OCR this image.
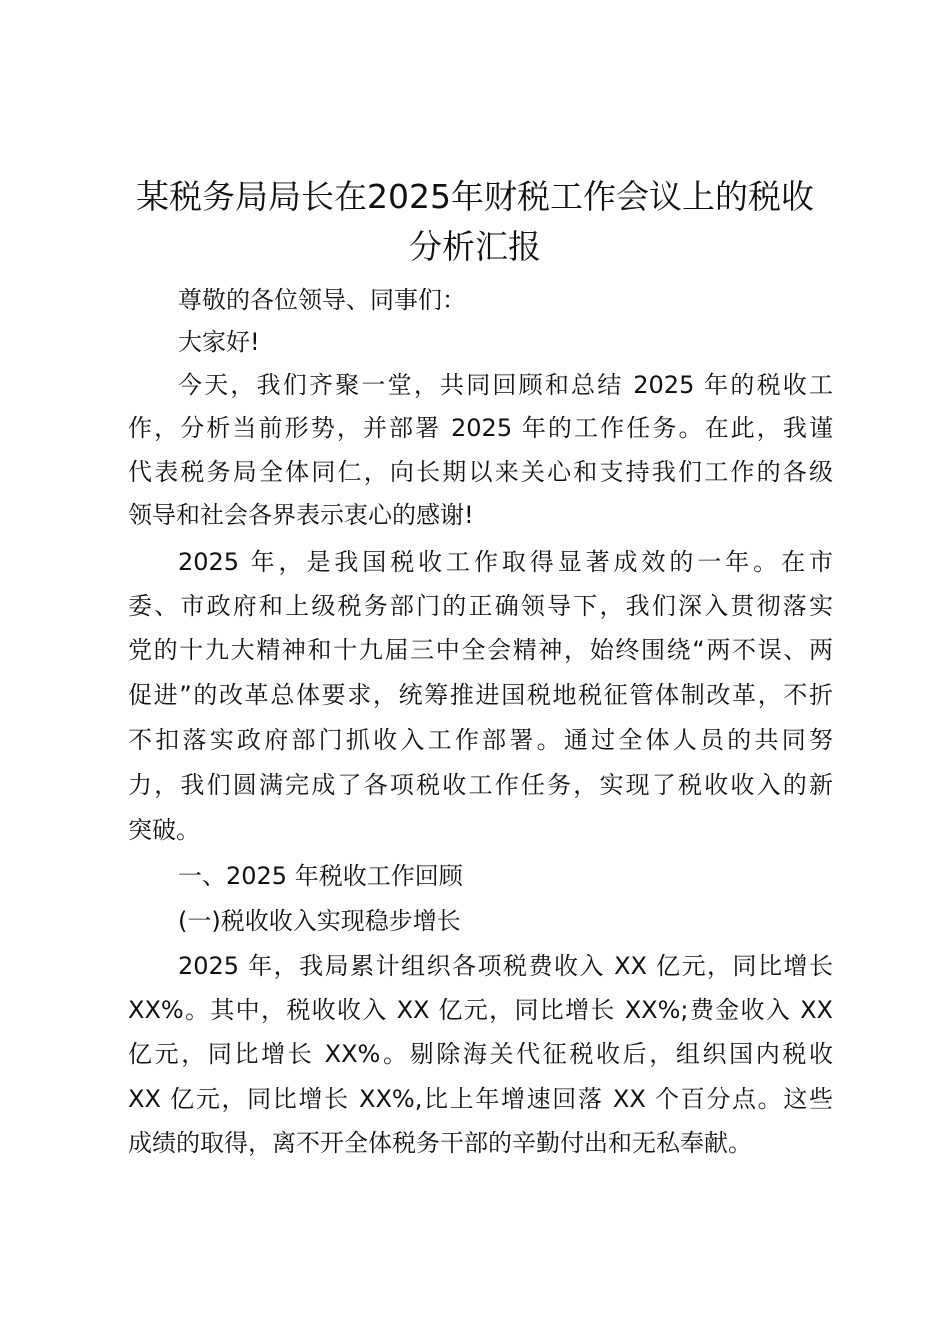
某税务局局长在2025年财税工作会议上的税收分析汇报
尊敬的各位领导、同事们：
大家好!
今天，我们齐聚一堂，共同回顾和总结 2025 年的税收工
作，分析当前形势，并部署 2025 年的工作任务。在此，我谨
代表税务局全体同仁，向长期以来关心和支持我们工作的各级
领导和社会各界表示衷心的感谢!
2025 年，是我国税收工作取得显著成效的一年。在市
委、市政府和上级税务部门的正确领导下，我们深入贯彻落实
党的十九大精神和十九届三中全会精神，始终围绕“两不误、两
促进”的改革总体要求，统筹推进国税地税征管体制改革，不折
不扣落实政府部门抓收入工作部署。通过全体人员的共同努
力，我们圆满完成了各项税收工作任务，实现了税收收入的新
突破。
一、2025 年税收工作回顾
(一)税收收入实现稳步增长
2025 年，我局累计组织各项税费收入 XX 亿元，同比增长
XX%。其中，税收收入 XX 亿元，同比增长 XX%;费金收入 XX
亿元，同比增长 XX%。剔除海关代征税收后，组织国内税收
XX 亿元，同比增长 XX%,比上年增速回落 XX 个百分点。这些
成绩的取得，离不开全体税务干部的辛勤付出和无私奉献。
